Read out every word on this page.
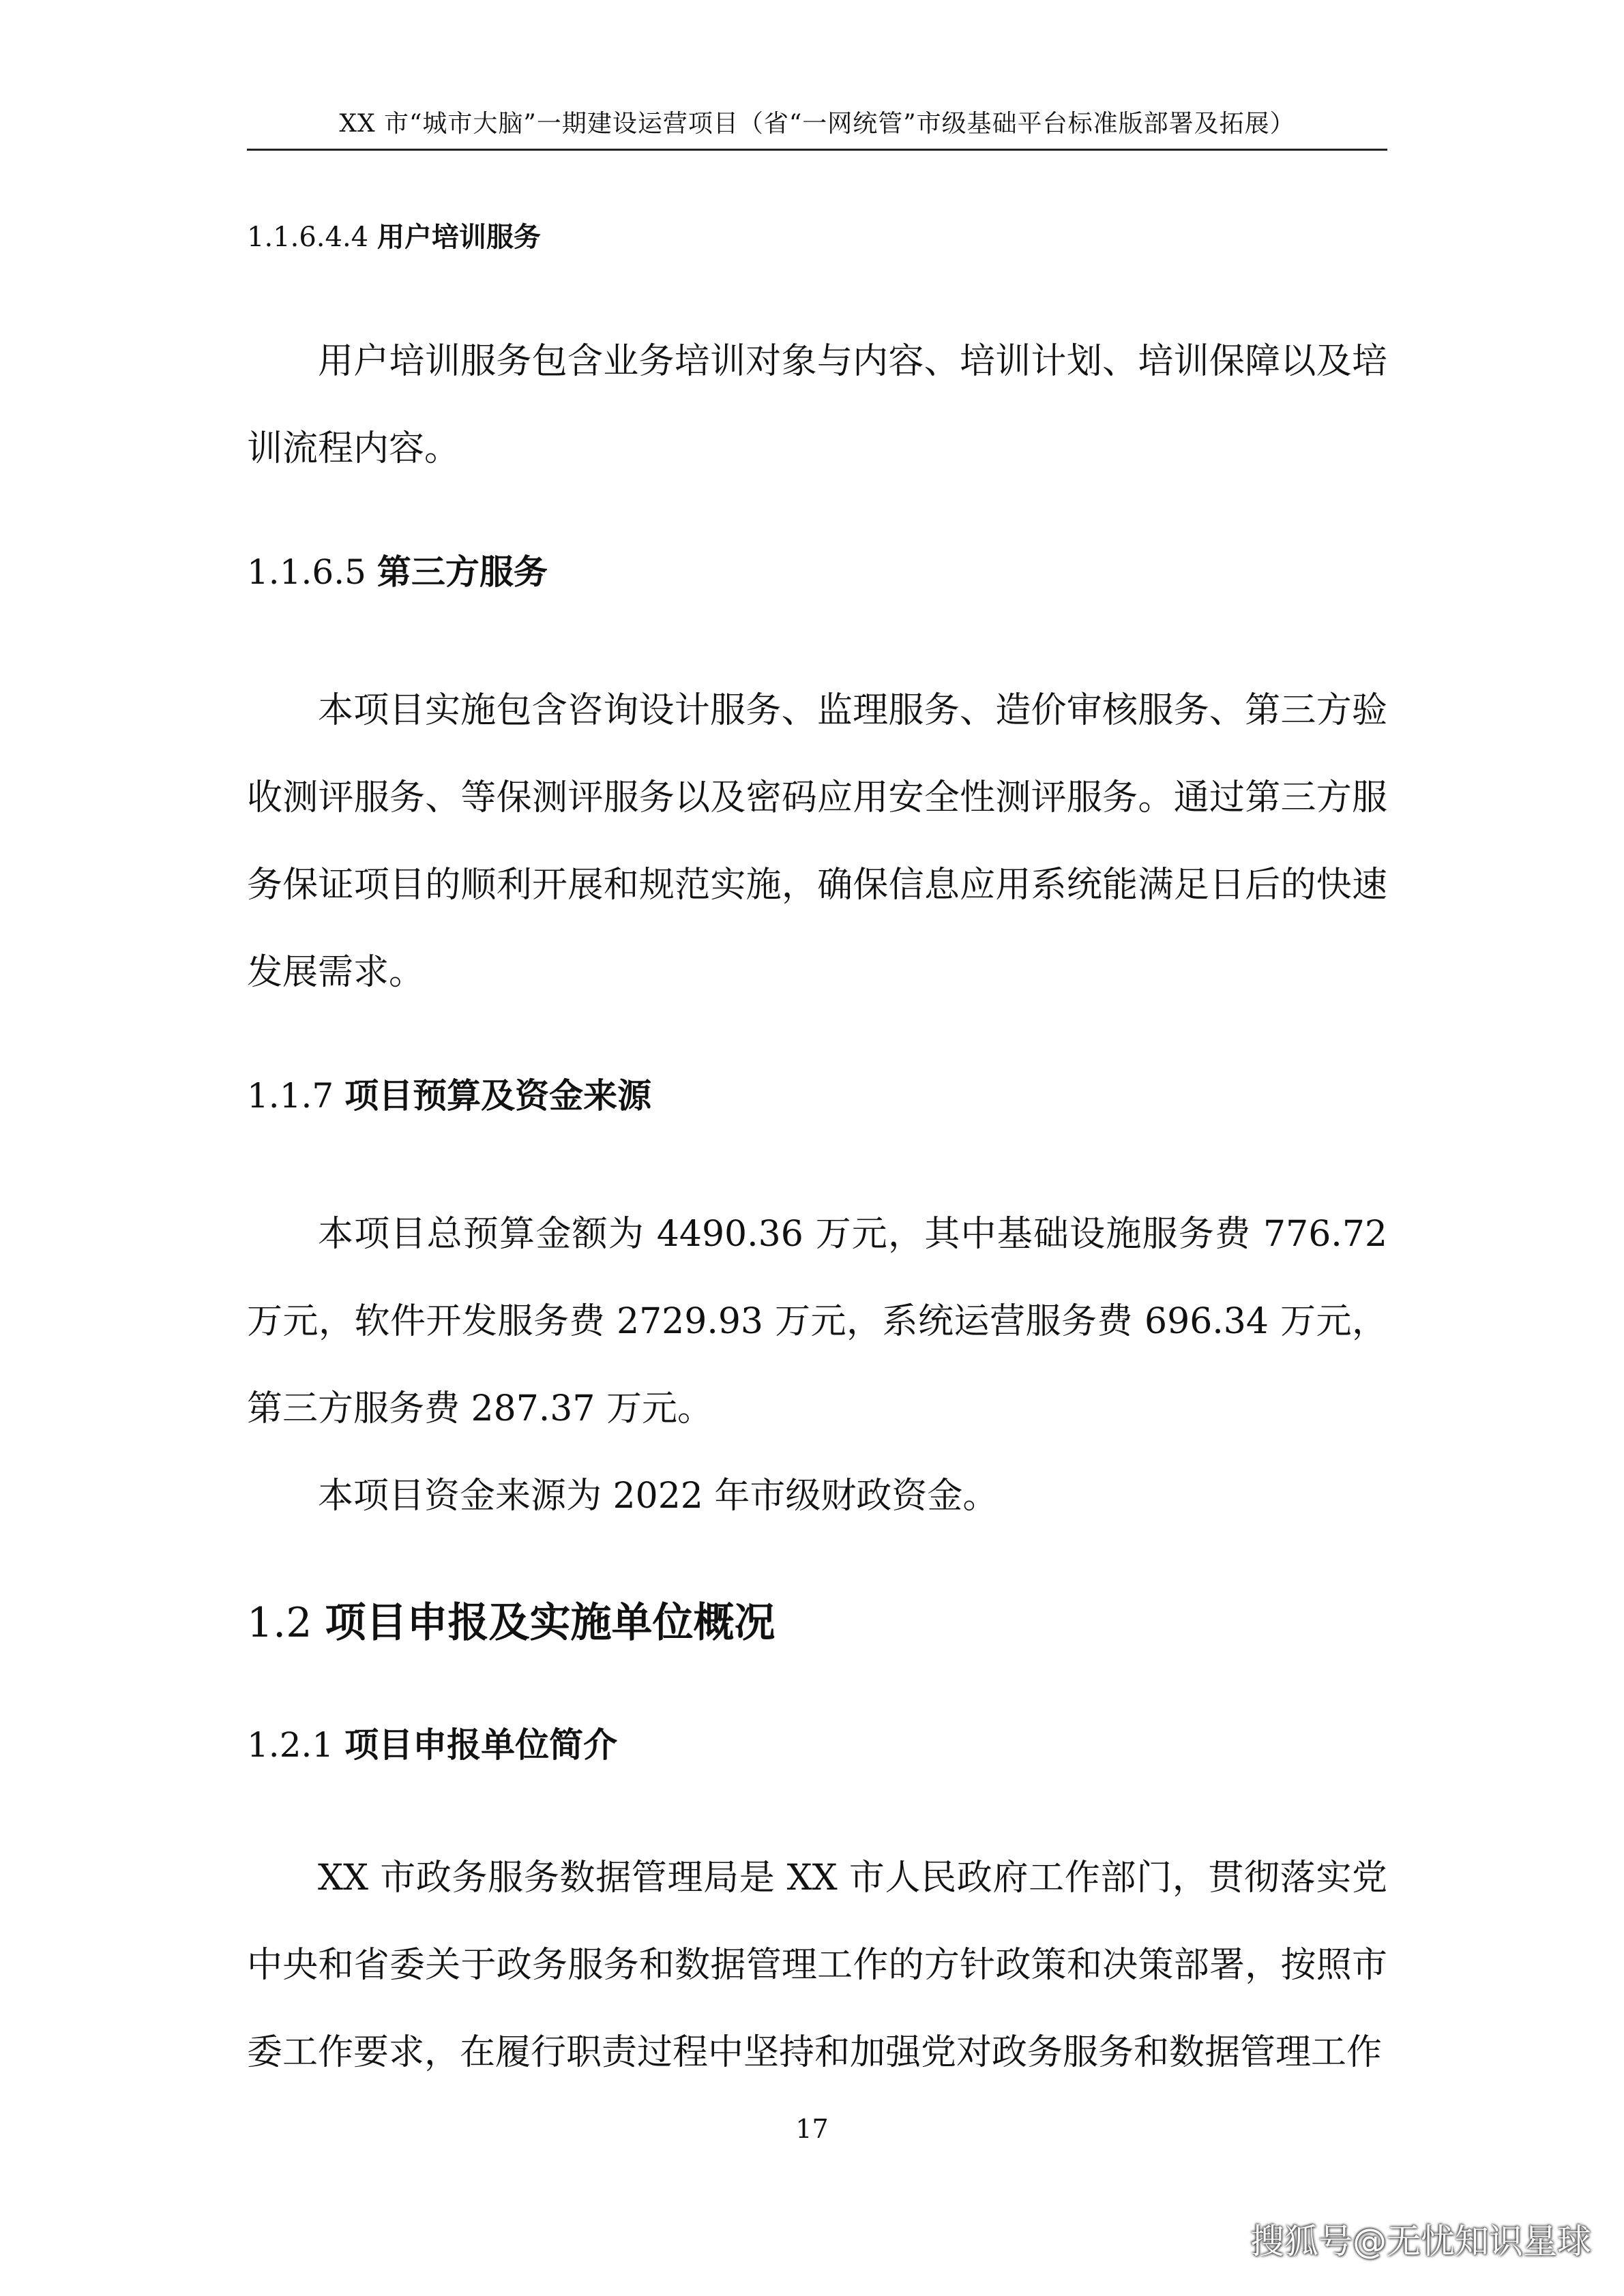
XX 市“城市大脑”一期建设运营项目（省“一网统管”市级基础平台标准版部署及拓展）
1.1.6.4.4 用户培训服务

用户培训服务包含业务培训对象与内容、培训计划、培训保障以及培训流程内容。

1.1.6.5 第三方服务

本项目实施包含咨询设计服务、监理服务、造价审核服务、第三方验收测评服务、等保测评服务以及密码应用安全性测评服务。通过第三方服务保证项目的顺利开展和规范实施，确保信息应用系统能满足日后的快速发展需求。

1.1.7 项目预算及资金来源

本项目总预算金额为 4490.36 万元，其中基础设施服务费 776.72 万元，软件开发服务费 2729.93 万元，系统运营服务费 696.34 万元，第三方服务费 287.37 万元。

本项目资金来源为 2022 年市级财政资金。

1.2 项目申报及实施单位概况
1.2.1 项目申报单位简介

XX 市政务服务数据管理局是 XX 市人民政府工作部门，贯彻落实党中央和省委关于政务服务和数据管理工作的方针政策和决策部署，按照市委工作要求，在履行职责过程中坚持和加强党对政务服务和数据管理工作

17
搜狐号@无忧知识星球
